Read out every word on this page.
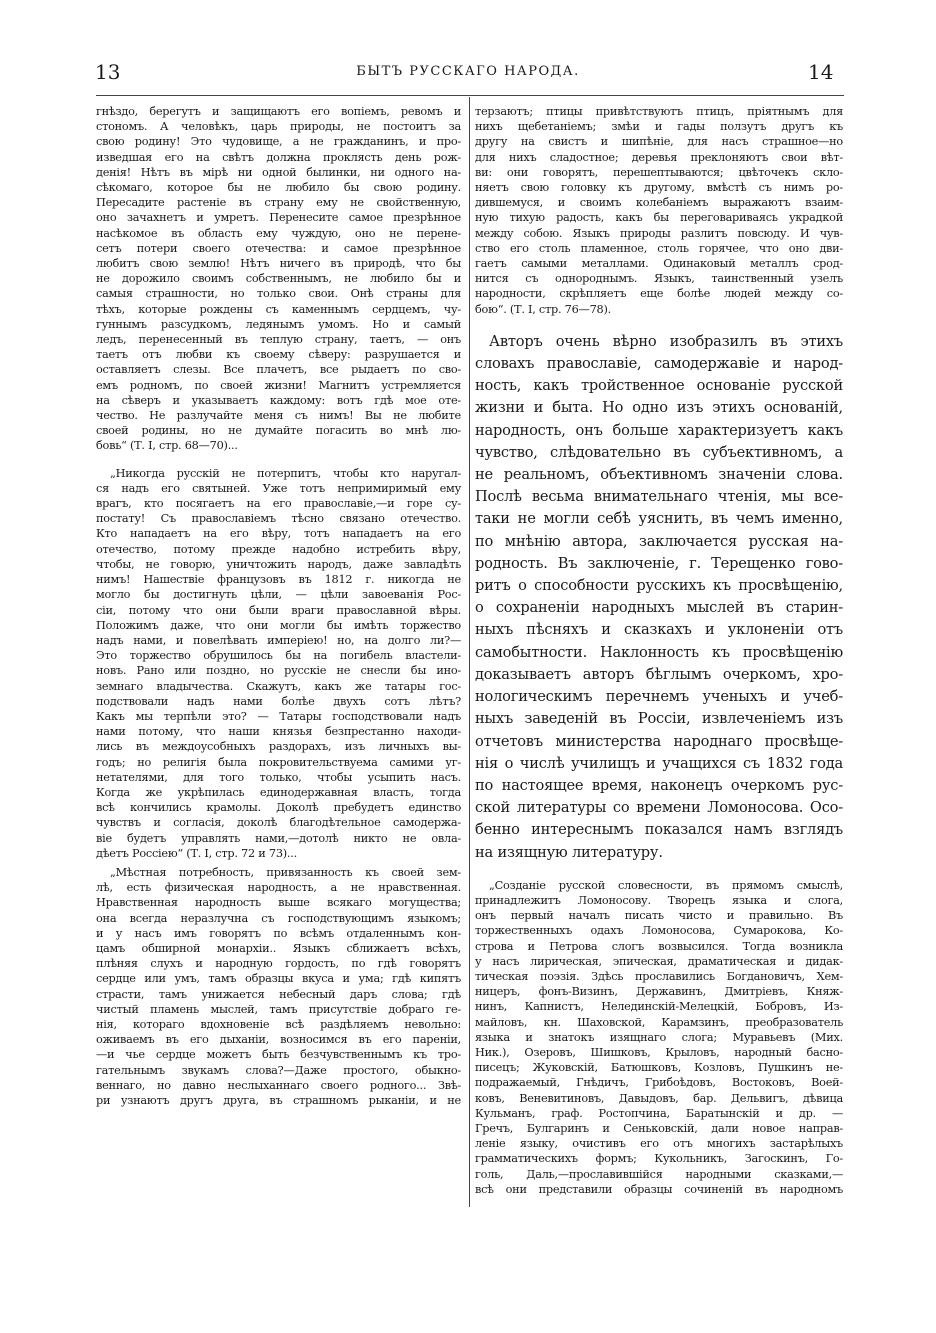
13	БЫТЪ РУССКАГО НАРОДА.	14

гнѣздо, берегутъ и защищаютъ его вопіемъ, ревомъ и

стономъ. А человѣкъ, царь природы, не постоитъ за

свою родину! Это чудовище, а не гражданинъ, и про-

изведшая его на свѣтъ должна проклясть день рож-

денія! Нѣтъ въ мірѣ ни одной былинки, ни одного на-

сѣкомаго, которое бы не любило бы свою родину.

Пересадите растеніе въ страну ему не свойственную,

оно зачахнетъ и умретъ. Перенесите самое презрѣнное

насѣкомое въ область ему чуждую, оно не перене-

сетъ потери своего отечества: и самое презрѣнное

любитъ свою землю! Нѣтъ ничего въ природѣ, что бы

не дорожило своимъ собственнымъ, не любило бы и

самыя страшности, но только свои. Онѣ страны для

тѣхъ, которые рождены съ каменнымъ сердцемъ, чу-

гуннымъ разсудкомъ, ледянымъ умомъ. Но и самый

ледъ, перенесенный въ теплую страну, таетъ, — онъ

таетъ отъ любви къ своему сѣверу: разрушается и

оставляетъ слезы. Все плачетъ, все рыдаетъ по сво-

емъ родномъ, по своей жизни! Магнитъ устремляется

на сѣверъ и указываетъ каждому: вотъ гдѣ мое оте-

чество. Не разлучайте меня съ нимъ! Вы не любите

своей родины, но не думайте погасить во мнѣ лю-

бовь“ (Т. I, стр. 68—70)...

„Никогда русскій не потерпитъ, чтобы кто наругал-

ся надъ его святыней. Уже тотъ непримиримый ему

врагъ, кто посягаетъ на его православіе,—и горе су-

постату! Съ православіемъ тѣсно связано отечество.

Кто нападаетъ на его вѣру, тотъ нападаетъ на его

отечество, потому прежде надобно истребить вѣру,

чтобы, не говорю, уничтожить народъ, даже завладѣть

нимъ! Нашествіе французовъ въ 1812 г. никогда не

могло бы достигнуть цѣли, — цѣли завоеванія Рос-

сіи, потому что они были враги православной вѣры.

Положимъ даже, что они могли бы имѣть торжество

надъ нами, и повелѣвать имперіею! но, на долго ли?—

Это торжество обрушилось бы на погибель властели-

новъ. Рано или поздно, но русскіе не снесли бы ино-

земнаго владычества. Скажутъ, какъ же татары гос-

подствовали надъ нами болѣе двухъ сотъ лѣтъ?

Какъ мы терпѣли это? — Татары господствовали надъ

нами потому, что наши князья безпрестанно находи-

лись въ междоусобныхъ раздорахъ, изъ личныхъ вы-

годъ; но религія была покровительствуема самими уг-

нетателями, для того только, чтобы усыпить насъ.

Когда же укрѣпилась единодержавная власть, тогда

всѣ кончились крамолы. Доколѣ пребудетъ единство

чувствъ и согласія, доколѣ благодѣтельное самодержа-

віе будетъ управлять нами,—дотолѣ никто не овла-

дѣетъ Россіею“ (Т. I, стр. 72 и 73)...

„Мѣстная потребность, привязанность къ своей зем-

лѣ, есть физическая народность, а не нравственная.

Нравственная народность выше всякаго могущества;

она всегда неразлучна съ господствующимъ языкомъ;

и у насъ имъ говорятъ по всѣмъ отдаленнымъ кон-

цамъ обширной монархіи.. Языкъ сближаетъ всѣхъ,

плѣняя слухъ и народную гордость, по гдѣ говорятъ

сердце или умъ, тамъ образцы вкуса и ума; гдѣ кипятъ

страсти, тамъ унижается небесный даръ слова; гдѣ

чистый пламень мыслей, тамъ присутствіе добраго ге-

нія, котораго вдохновеніе всѣ раздѣляемъ невольно:

оживаемъ въ его дыханіи, возносимся въ его пареніи,

—и чье сердце можетъ быть безчувственнымъ къ тро-

гательнымъ звукамъ слова?—Даже простого, обыкно-

веннаго, но давно неслыханнаго своего родного... Звѣ-

ри узнаютъ другъ друга, въ страшномъ рыканіи, и не

терзаютъ; птицы привѣтствуютъ птицъ, пріятнымъ для

нихъ щебетаніемъ; змѣи и гады ползутъ другъ къ

другу на свистъ и шипѣніе, для насъ страшное—но

для нихъ сладостное; деревья преклоняютъ свои вѣт-

ви: они говорятъ, перешептываются; цвѣточекъ скло-

няетъ свою головку къ другому, вмѣстѣ съ нимъ ро-

дившемуся, и своимъ колебаніемъ выражаютъ взаим-

ную тихую радость, какъ бы переговариваясь украдкой

между собою. Языкъ природы разлитъ повсюду. И чув-

ство его столь пламенное, столь горячее, что оно дви-

гаетъ самыми металлами. Одинаковый металлъ срод-

нится съ однороднымъ. Языкъ, таинственный узелъ

народности, скрѣпляетъ еще болѣе людей между со-

бою“. (Т. I, стр. 76—78).

Авторъ очень вѣрно изобразилъ въ этихъ

словахъ православіе, самодержавіе и народ-

ность, какъ тройственное основаніе русской

жизни и быта. Но одно изъ этихъ основаній,

народность, онъ больше характеризуетъ какъ

чувство, слѣдовательно въ субъективномъ, а

не реальномъ, объективномъ значеніи слова.

Послѣ весьма внимательнаго чтенія, мы все-

таки не могли себѣ уяснить, въ чемъ именно,

по мнѣнію автора, заключается русская на-

родность. Въ заключеніе, г. Терещенко гово-

ритъ о способности русскихъ къ просвѣщенію,

о сохраненіи народныхъ мыслей въ старин-

ныхъ пѣсняхъ и сказкахъ и уклоненіи отъ

самобытности. Наклонность къ просвѣщенію

доказываетъ авторъ бѣглымъ очеркомъ, хро-

нологическимъ перечнемъ ученыхъ и учеб-

ныхъ заведеній въ Россіи, извлеченіемъ изъ

отчетовъ министерства народнаго просвѣще-

нія о числѣ училищъ и учащихся съ 1832 года

по настоящее время, наконецъ очеркомъ рус-

ской литературы со времени Ломоносова. Осо-

бенно интереснымъ показался намъ взглядъ

на изящную литературу.

„Созданіе русской словесности, въ прямомъ смыслѣ,

принадлежитъ Ломоносову. Творецъ языка и слога,

онъ первый началъ писать чисто и правильно. Въ

торжественныхъ одахъ Ломоносова, Сумарокова, Ко-

строва и Петрова слогъ возвысился. Тогда возникла

у насъ лирическая, эпическая, драматическая и дидак-

тическая поэзія. Здѣсь прославились Богдановичъ, Хем-

ницеръ, фонъ-Визинъ, Державинъ, Дмитріевъ, Княж-

нинъ, Капнистъ, Нелединскій-Мелецкій, Бобровъ, Из-

майловъ, кн. Шаховской, Карамзинъ, преобразователь

языка и знатокъ изящнаго слога; Муравьевъ (Мих.

Ник.), Озеровъ, Шишковъ, Крыловъ, народный басно-

писецъ; Жуковскій, Батюшковъ, Козловъ, Пушкинъ не-

подражаемый, Гнѣдичъ, Грибоѣдовъ, Востоковъ, Воей-

ковъ, Веневитиновъ, Давыдовъ, бар. Дельвигъ, дѣвица

Кульманъ, граф. Ростопчина, Баратынскій и др. —

Гречъ, Булгаринъ и Сеньковскій, дали новое направ-

леніе языку, очистивъ его отъ многихъ застарѣлыхъ

грамматическихъ формъ; Кукольникъ, Загоскинъ, Го-

голь, Даль,—прославившійся народными сказками,—

всѣ они представили образцы сочиненій въ народномъ
